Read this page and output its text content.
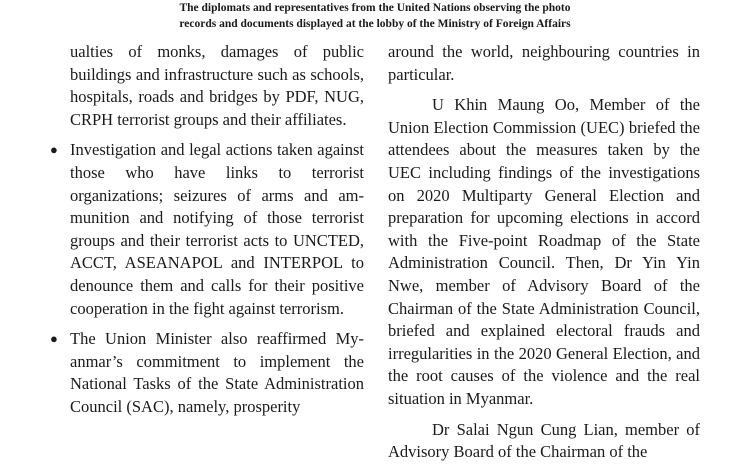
The diplomats and representatives from the United Nations observing the photo
records and documents displayed at the lobby of the Ministry of Foreign Affairs

ualties of monks, damages of public buildings and infrastructure such as schools, hospitals, roads and bridges by PDF, NUG, CRPH terrorist groups and their affiliates.

● Investigation and legal actions taken against those who have links to terrorist organizations; seizures of arms and ammunition and notifying of those terrorist groups and their terrorist acts to UNCTED, ACCT, ASEANAPOL and INTERPOL to denounce them and calls for their positive cooperation in the fight against terrorism.

● The Union Minister also reaffirmed Myanmar’s commitment to implement the National Tasks of the State Administration Council (SAC), namely, prosperity

around the world, neighbouring countries in particular.

U Khin Maung Oo, Member of the Union Election Commission (UEC) briefed the attendees about the measures taken by the UEC including findings of the investigations on 2020 Multiparty General Election and preparation for upcoming elections in accord with the Five-point Roadmap of the State Administration Council. Then, Dr Yin Yin Nwe, member of Advisory Board of the Chairman of the State Administration Council, briefed and explained electoral frauds and irregularities in the 2020 General Election, and the root causes of the violence and the real situation in Myanmar.

Dr Salai Ngun Cung Lian, member of Advisory Board of the Chairman of the
